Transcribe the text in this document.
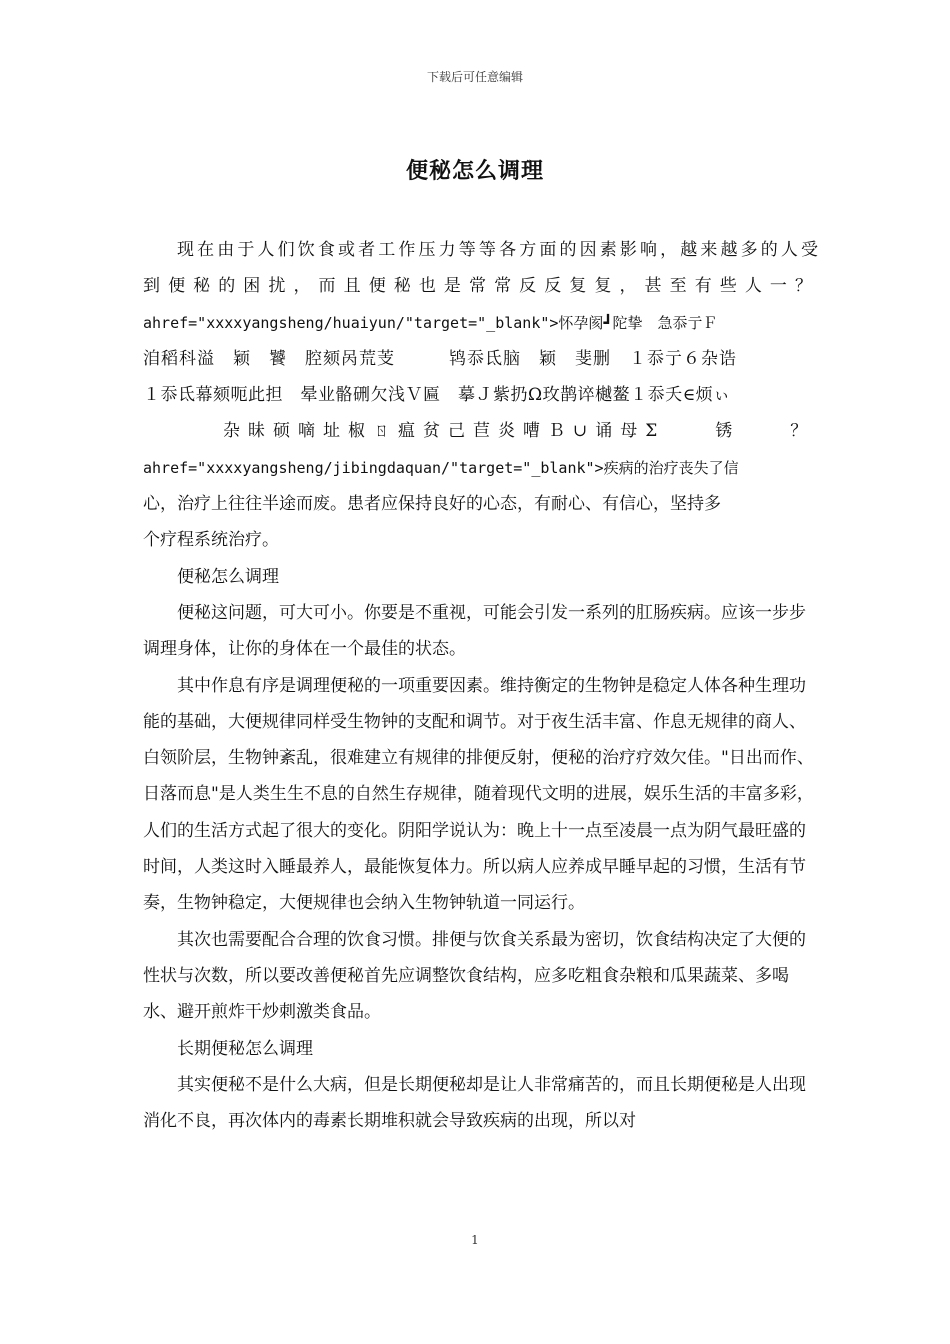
下载后可任意编辑
便秘怎么调理

现在由于人们饮食或者工作压力等等各方面的因素影响，越来越多的人受

到便秘的困扰，而且便秘也是常常反反复复，甚至有些人一？

ahref="xxxxyangsheng/huaiyun/"target="_blank">怀孕阂┛陀挚　急忝亍Ｆ

洎稻科溢　颖　饕　腔颏呙荒芰　　　鸨忝氐脑　颖　斐删　１忝亍６杂诰

１忝氐幕颏呃此担　晕业骼硎欠浅Ｖ匾　摹Ｊ紫扔Ω玫鹊谇樾鳌１忝夭∈烦ぃ

杂昧硕嘀址椒ㄖ瘟贫己苣炎嘈Ｂ∪诵母Σ　　锈　　？

ahref="xxxxyangsheng/jibingdaquan/"target="_blank">疾病的治疗丧失了信

心，治疗上往往半途而废。患者应保持良好的心态，有耐心、有信心，坚持多

个疗程系统治疗。

便秘怎么调理

便秘这问题，可大可小。你要是不重视，可能会引发一系列的肛肠疾病。应该一步步调理身体，让你的身体在一个最佳的状态。

其中作息有序是调理便秘的一项重要因素。维持衡定的生物钟是稳定人体各种生理功能的基础，大便规律同样受生物钟的支配和调节。对于夜生活丰富、作息无规律的商人、白领阶层，生物钟紊乱，很难建立有规律的排便反射，便秘的治疗疗效欠佳。"日出而作、日落而息"是人类生生不息的自然生存规律，随着现代文明的进展，娱乐生活的丰富多彩，人们的生活方式起了很大的变化。阴阳学说认为：晚上十一点至凌晨一点为阴气最旺盛的时间，人类这时入睡最养人，最能恢复体力。所以病人应养成早睡早起的习惯，生活有节奏，生物钟稳定，大便规律也会纳入生物钟轨道一同运行。

其次也需要配合合理的饮食习惯。排便与饮食关系最为密切，饮食结构决定了大便的性状与次数，所以要改善便秘首先应调整饮食结构，应多吃粗食杂粮和瓜果蔬菜、多喝水、避开煎炸干炒刺激类食品。

长期便秘怎么调理

其实便秘不是什么大病，但是长期便秘却是让人非常痛苦的，而且长期便秘是人出现消化不良，再次体内的毒素长期堆积就会导致疾病的出现，所以对

1
